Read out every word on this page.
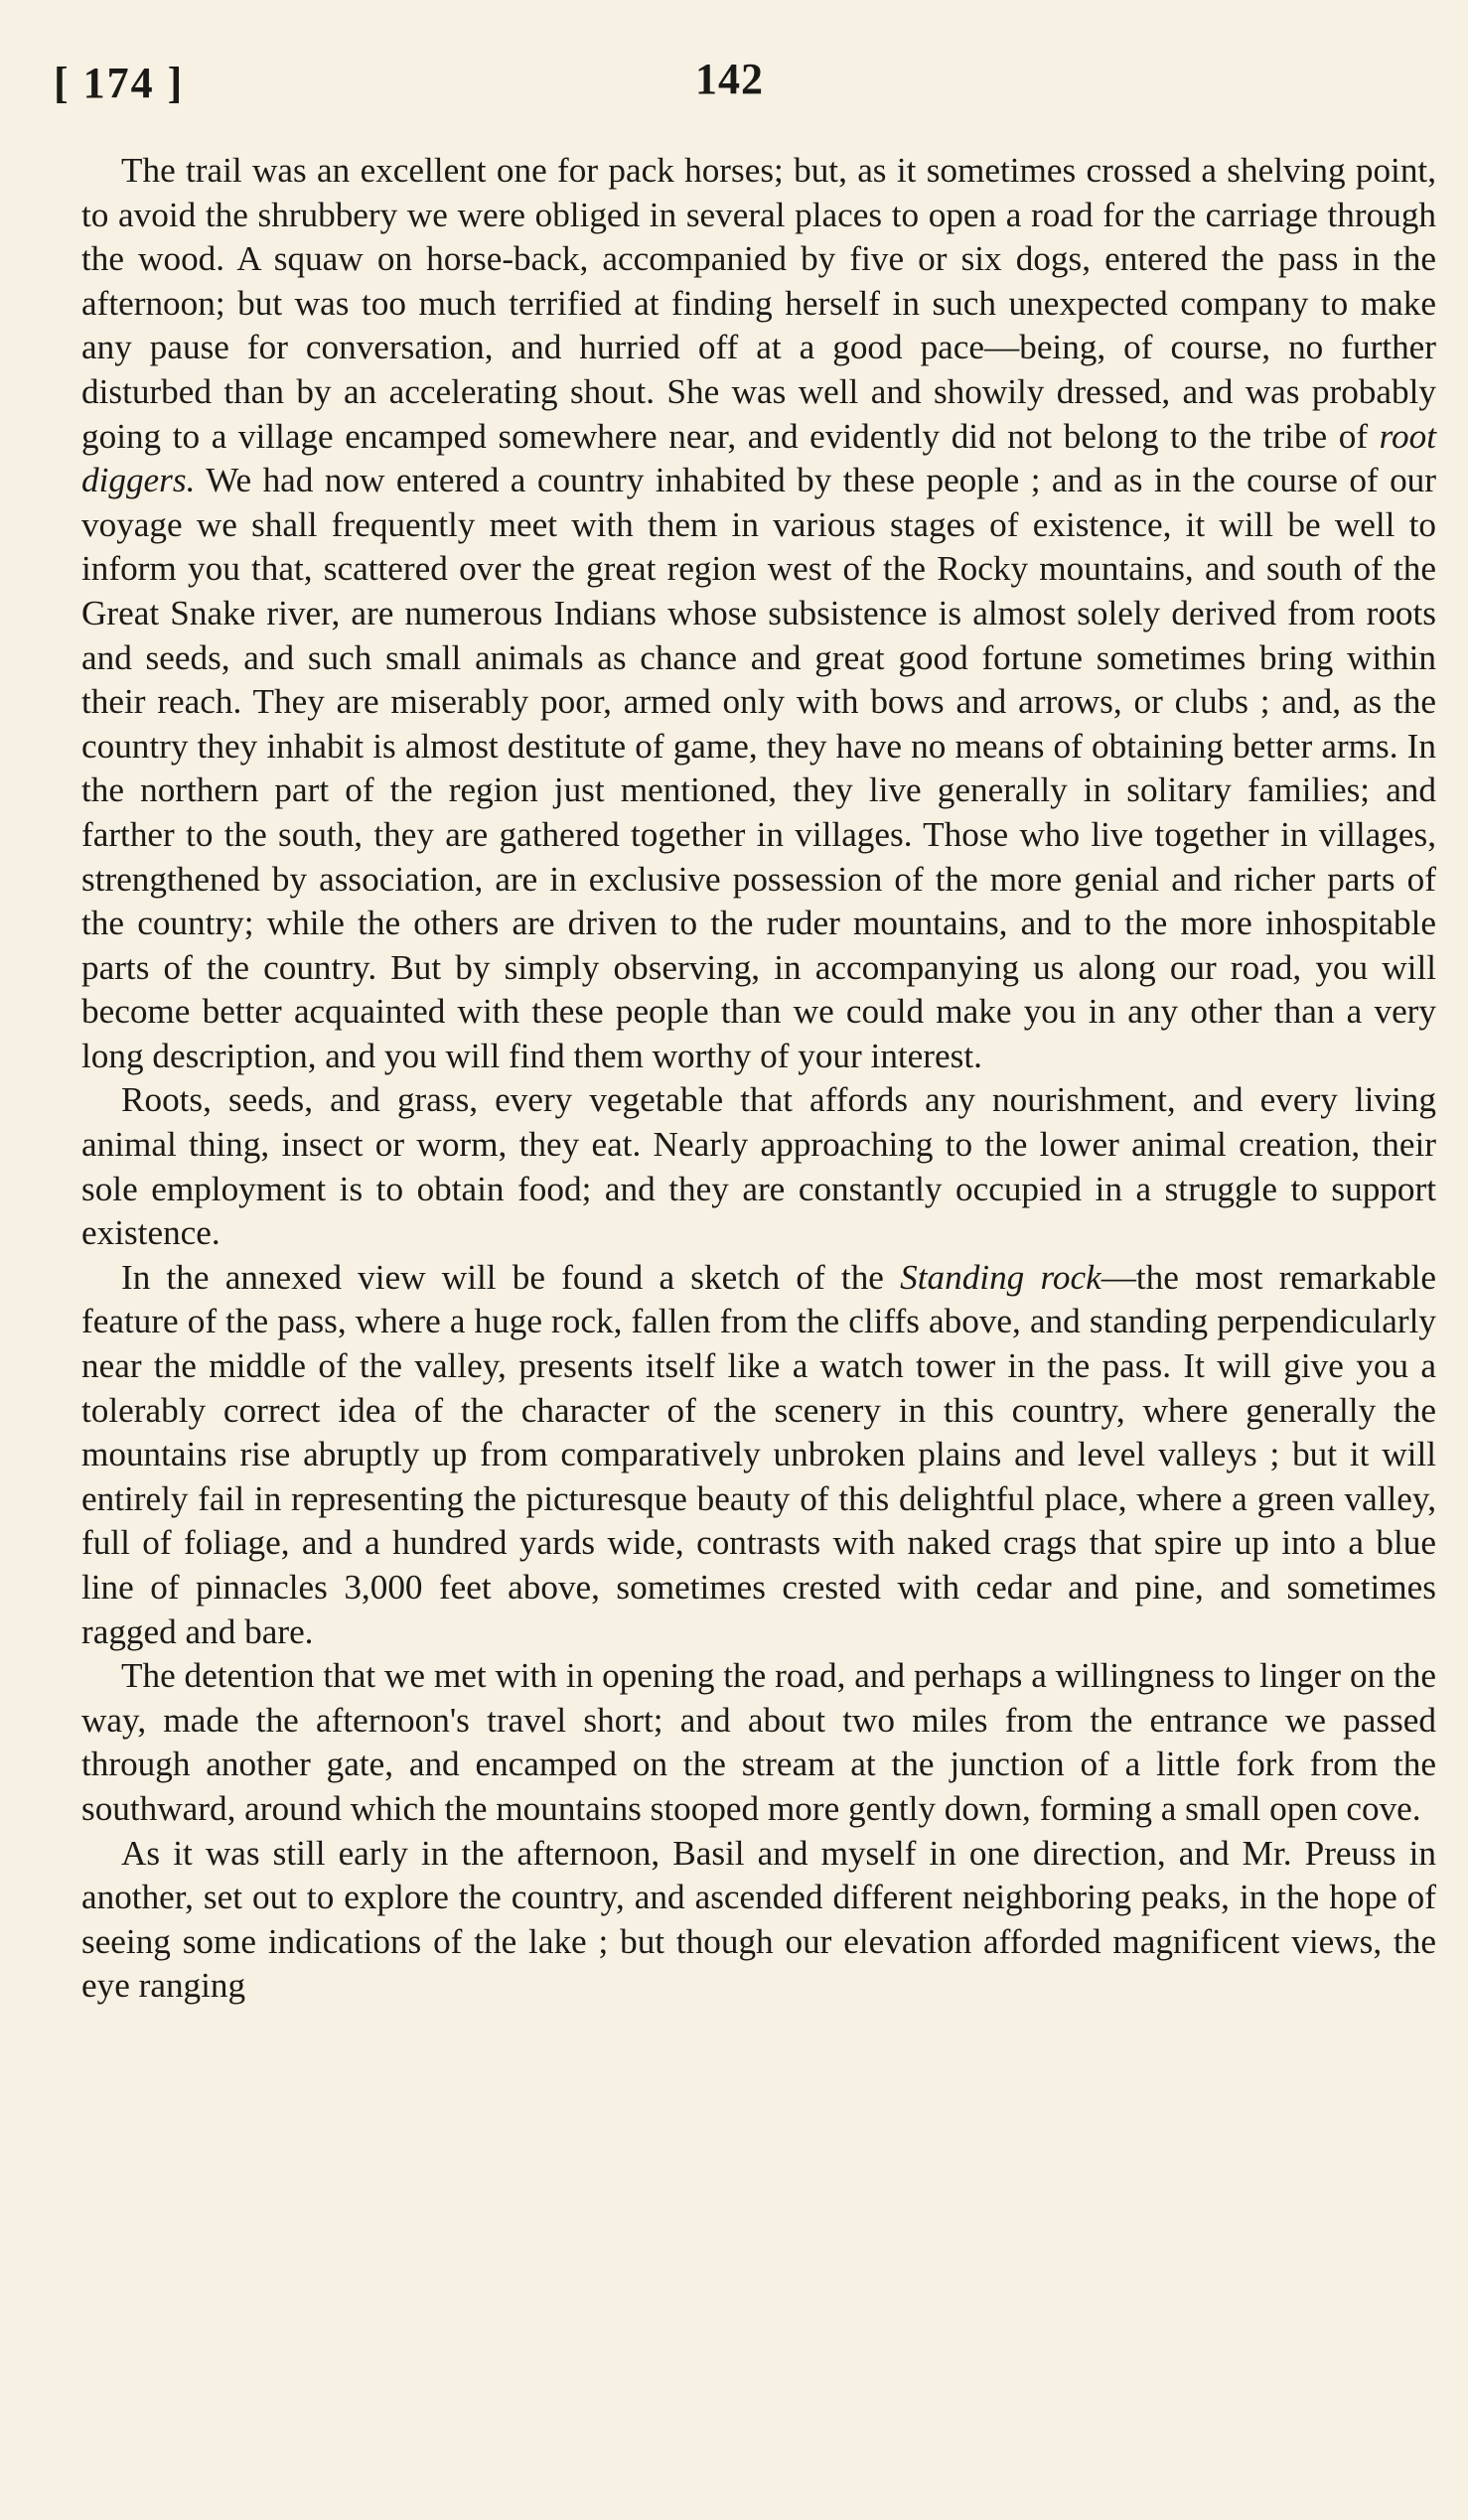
[ 174 ]	142

The trail was an excellent one for pack horses; but, as it sometimes crossed a shelving point, to avoid the shrubbery we were obliged in several places to open a road for the carriage through the wood. A squaw on horse-back, accompanied by five or six dogs, entered the pass in the afternoon; but was too much terrified at finding herself in such unexpected company to make any pause for conversation, and hurried off at a good pace—being, of course, no further disturbed than by an accelerating shout. She was well and showily dressed, and was probably going to a village encamped somewhere near, and evidently did not belong to the tribe of root diggers. We had now entered a country inhabited by these people ; and as in the course of our voyage we shall frequently meet with them in various stages of existence, it will be well to inform you that, scattered over the great region west of the Rocky mountains, and south of the Great Snake river, are numerous Indians whose subsistence is almost solely derived from roots and seeds, and such small animals as chance and great good fortune sometimes bring within their reach. They are miserably poor, armed only with bows and arrows, or clubs ; and, as the country they inhabit is almost destitute of game, they have no means of obtaining better arms. In the northern part of the region just mentioned, they live generally in solitary families; and farther to the south, they are gathered together in villages. Those who live together in villages, strengthened by association, are in exclusive possession of the more genial and richer parts of the country; while the others are driven to the ruder mountains, and to the more inhospitable parts of the country. But by simply observing, in accompanying us along our road, you will become better acquainted with these people than we could make you in any other than a very long description, and you will find them worthy of your interest.

Roots, seeds, and grass, every vegetable that affords any nourishment, and every living animal thing, insect or worm, they eat. Nearly approaching to the lower animal creation, their sole employment is to obtain food; and they are constantly occupied in a struggle to support existence.

In the annexed view will be found a sketch of the Standing rock—the most remarkable feature of the pass, where a huge rock, fallen from the cliffs above, and standing perpendicularly near the middle of the valley, presents itself like a watch tower in the pass. It will give you a tolerably correct idea of the character of the scenery in this country, where generally the mountains rise abruptly up from comparatively unbroken plains and level valleys ; but it will entirely fail in representing the picturesque beauty of this delightful place, where a green valley, full of foliage, and a hundred yards wide, contrasts with naked crags that spire up into a blue line of pinnacles 3,000 feet above, sometimes crested with cedar and pine, and sometimes ragged and bare.

The detention that we met with in opening the road, and perhaps a willingness to linger on the way, made the afternoon's travel short; and about two miles from the entrance we passed through another gate, and encamped on the stream at the junction of a little fork from the southward, around which the mountains stooped more gently down, forming a small open cove.

As it was still early in the afternoon, Basil and myself in one direction, and Mr. Preuss in another, set out to explore the country, and ascended different neighboring peaks, in the hope of seeing some indications of the lake ; but though our elevation afforded magnificent views, the eye ranging
